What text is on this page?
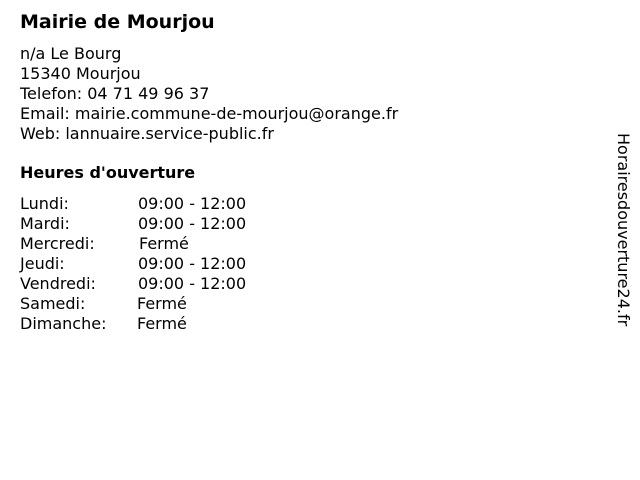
Mairie de Mourjou
n/a Le Bourg
15340 Mourjou
Telefon: 04 71 49 96 37
Email: mairie.commune-de-mourjou@orange.fr
Web: lannuaire.service-public.fr
Heures d'ouverture
Lundi:	09:00 - 12:00
Mardi:	09:00 - 12:00
Mercredi:	Fermé
Jeudi:	09:00 - 12:00
Vendredi:	09:00 - 12:00
Samedi:	Fermé
Dimanche: Fermé	Horairesdouverture24.fr
